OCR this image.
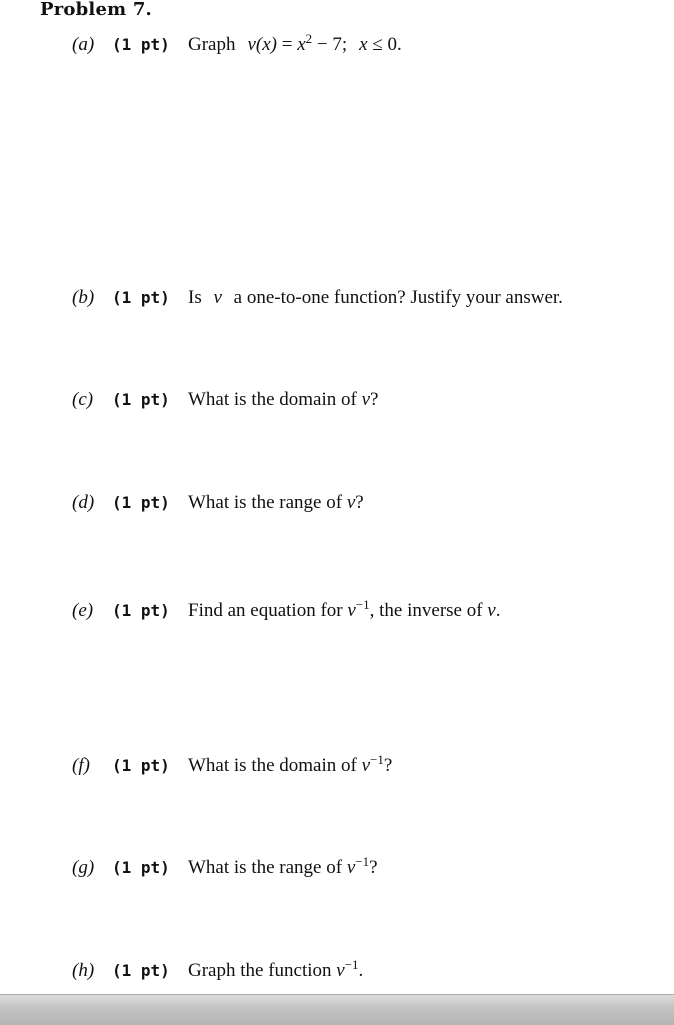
Problem 7.
(a) (1 pt) Graph $v(x) = x^2 - 7$; x ≤ 0.
(b) (1 pt) Is v a one-to-one function? Justify your answer.
(c) (1 pt) What is the domain of v?
(d) (1 pt) What is the range of v?
(e) (1 pt) Find an equation for $v^{-1}$, the inverse of v.
(f) (1 pt) What is the domain of $v^{-1}$?
(g) (1 pt) What is the range of $v^{-1}$?
(h) (1 pt) Graph the function $v^{-1}$.
